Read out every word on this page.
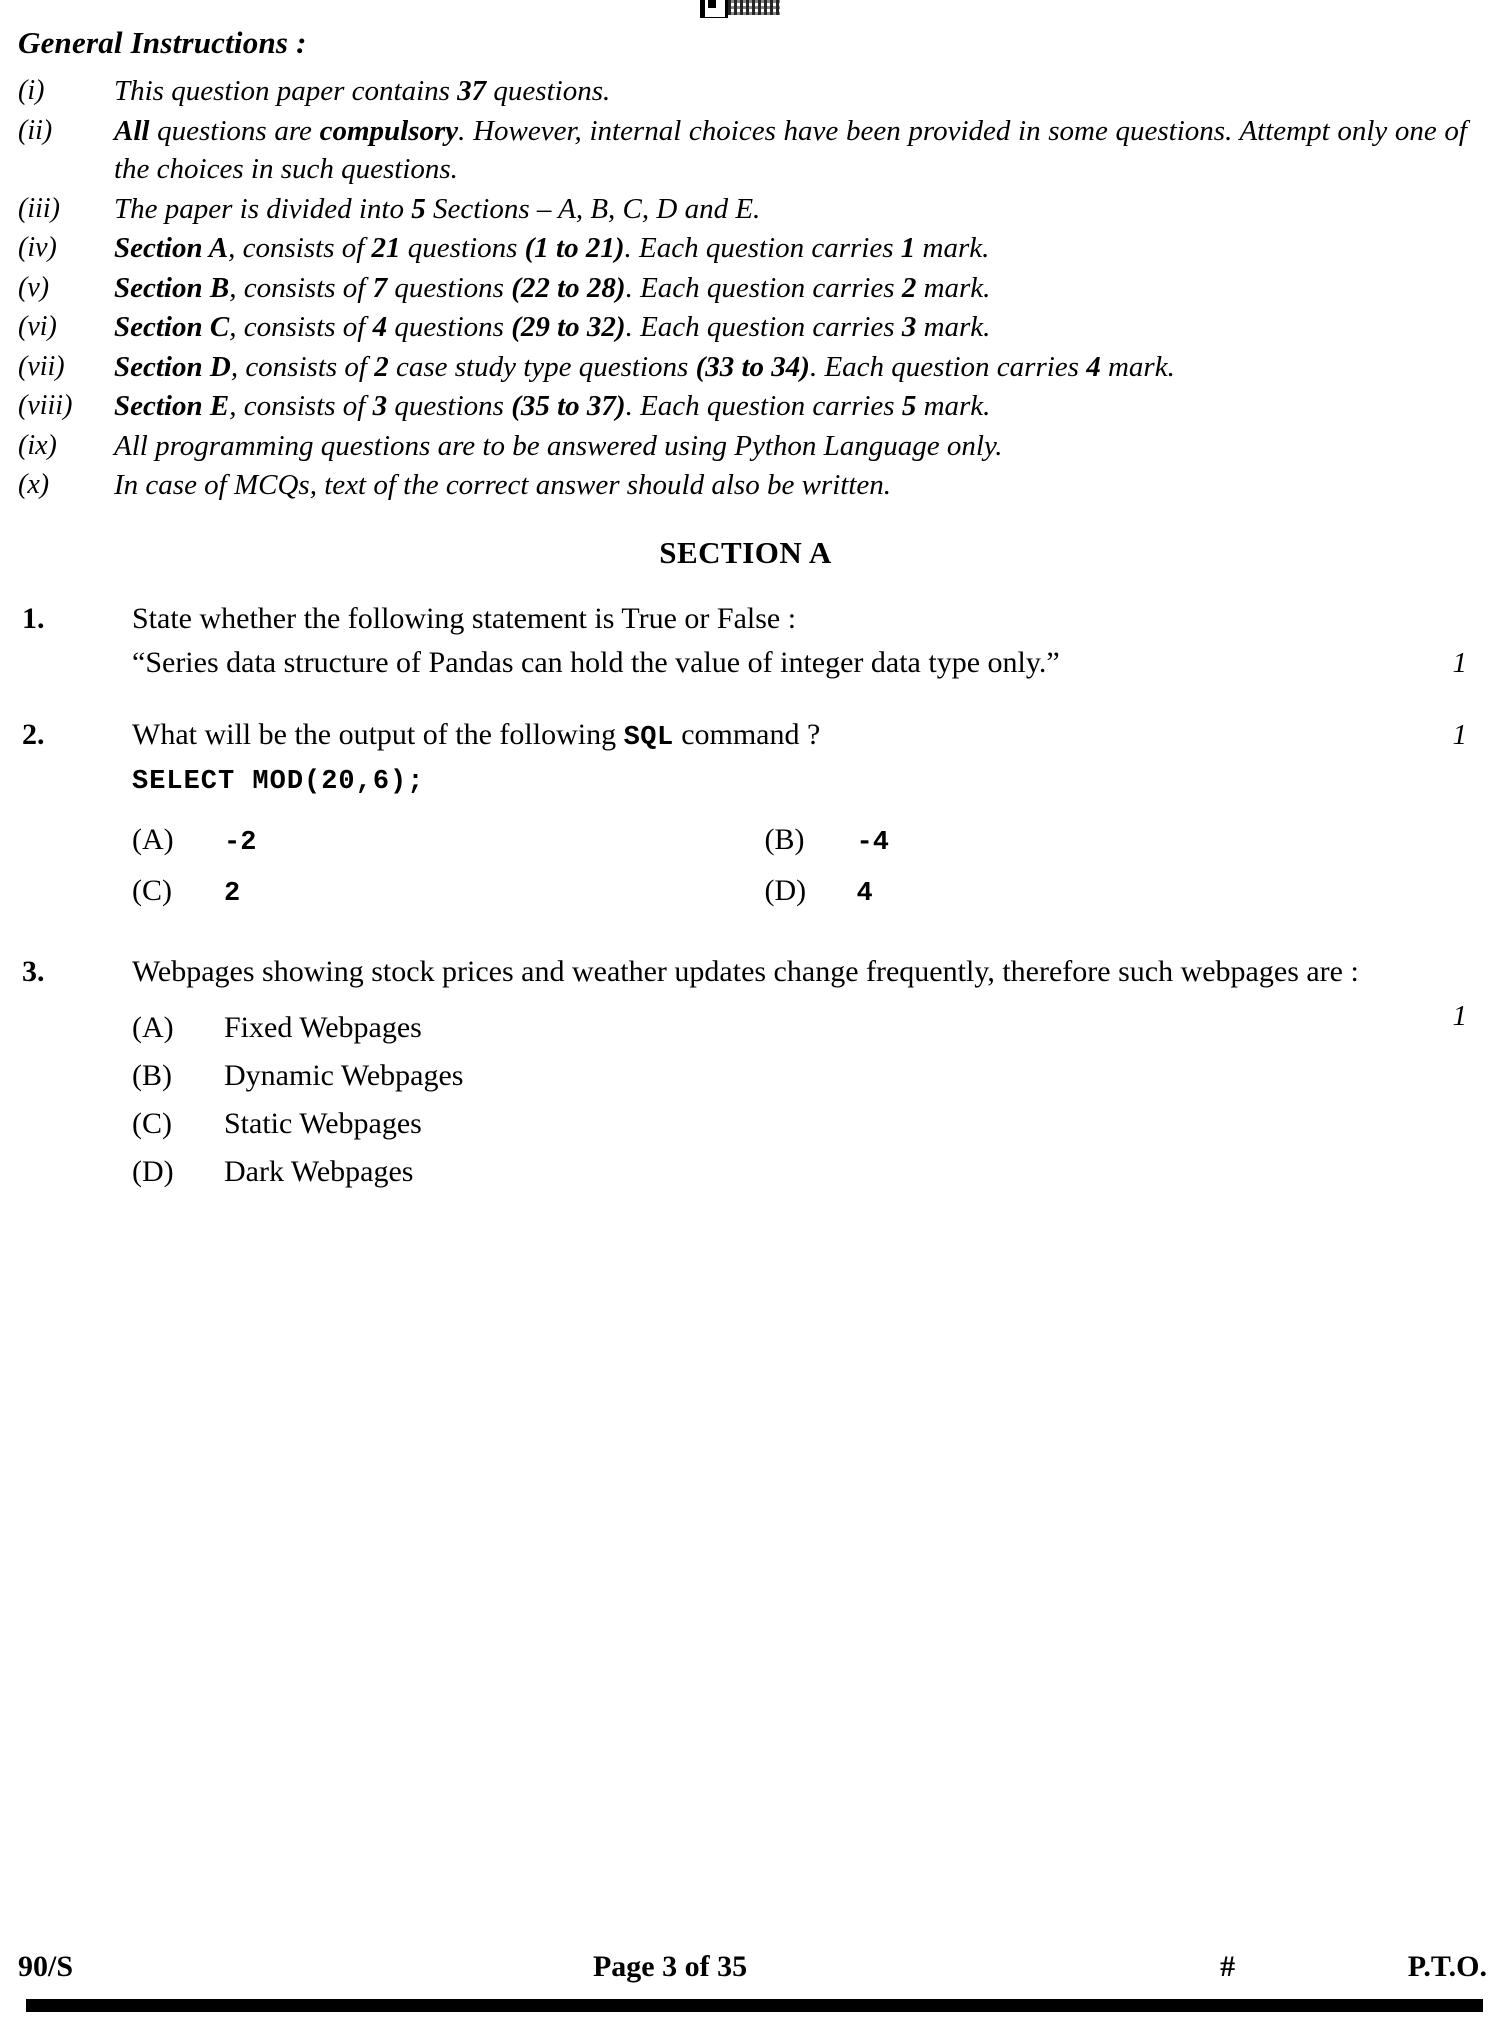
General Instructions :
(i)	This question paper contains 37 questions.
(ii)	All questions are compulsory. However, internal choices have been provided in some questions. Attempt only one of the choices in such questions.
(iii)	The paper is divided into 5 Sections – A, B, C, D and E.
(iv)	Section A, consists of 21 questions (1 to 21). Each question carries 1 mark.
(v)	Section B, consists of 7 questions (22 to 28). Each question carries 2 mark.
(vi)	Section C, consists of 4 questions (29 to 32). Each question carries 3 mark.
(vii)	Section D, consists of 2 case study type questions (33 to 34). Each question carries 4 mark.
(viii)	Section E, consists of 3 questions (35 to 37). Each question carries 5 mark.
(ix)	All programming questions are to be answered using Python Language only.
(x)	In case of MCQs, text of the correct answer should also be written.
SECTION A
1.	State whether the following statement is True or False :
“Series data structure of Pandas can hold the value of integer data type only.”	1
2.	What will be the output of the following SQL command ?
SELECT MOD(20,6);
1
(A)	-2
(C)	2
(B)	-4
(D)	4
3.	Webpages showing stock prices and weather updates change frequently, therefore such webpages are :
1
(A)	Fixed Webpages
(B)	Dynamic Webpages
(C)	Static Webpages
(D)	Dark Webpages
90/S	Page 3 of 35	#	P.T.O.
